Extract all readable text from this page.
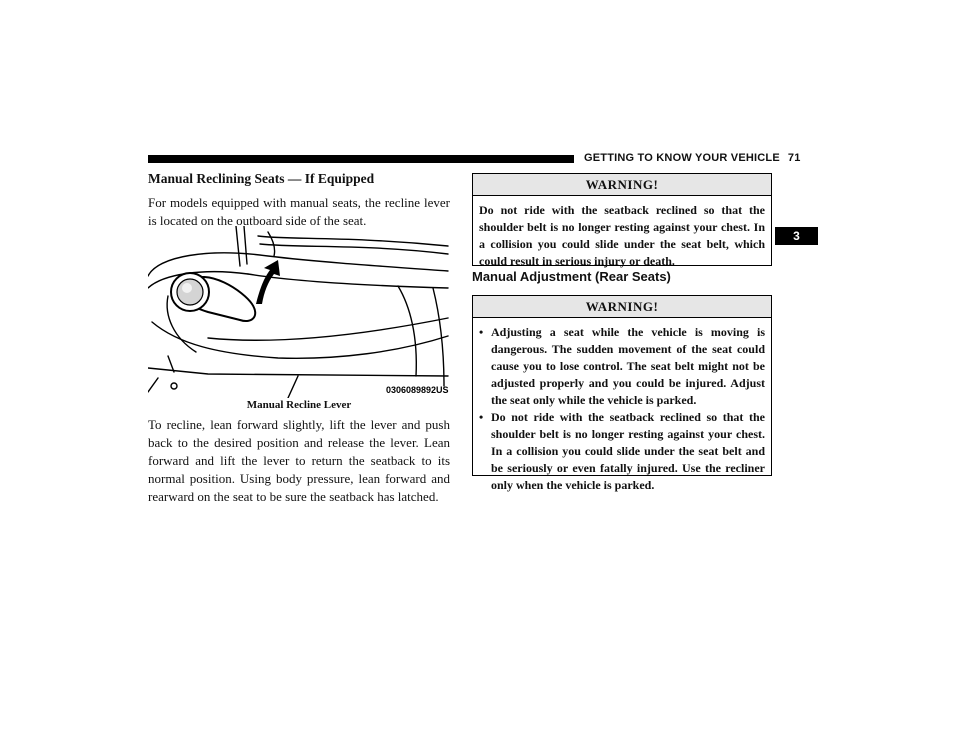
GETTING TO KNOW YOUR VEHICLE 71
3
Manual Reclining Seats — If Equipped
For models equipped with manual seats, the recline lever is located on the outboard side of the seat.
0306089892US
Manual Recline Lever
To recline, lean forward slightly, lift the lever and push back to the desired position and release the lever. Lean forward and lift the lever to return the seatback to its normal position. Using body pressure, lean forward and rearward on the seat to be sure the seatback has latched.
WARNING!
Do not ride with the seatback reclined so that the shoulder belt is no longer resting against your chest. In a collision you could slide under the seat belt, which could result in serious injury or death.
Manual Adjustment (Rear Seats)
WARNING!
• Adjusting a seat while the vehicle is moving is dangerous. The sudden movement of the seat could cause you to lose control. The seat belt might not be adjusted properly and you could be injured. Adjust the seat only while the vehicle is parked.
• Do not ride with the seatback reclined so that the shoulder belt is no longer resting against your chest. In a collision you could slide under the seat belt and be seriously or even fatally injured. Use the recliner only when the vehicle is parked.
